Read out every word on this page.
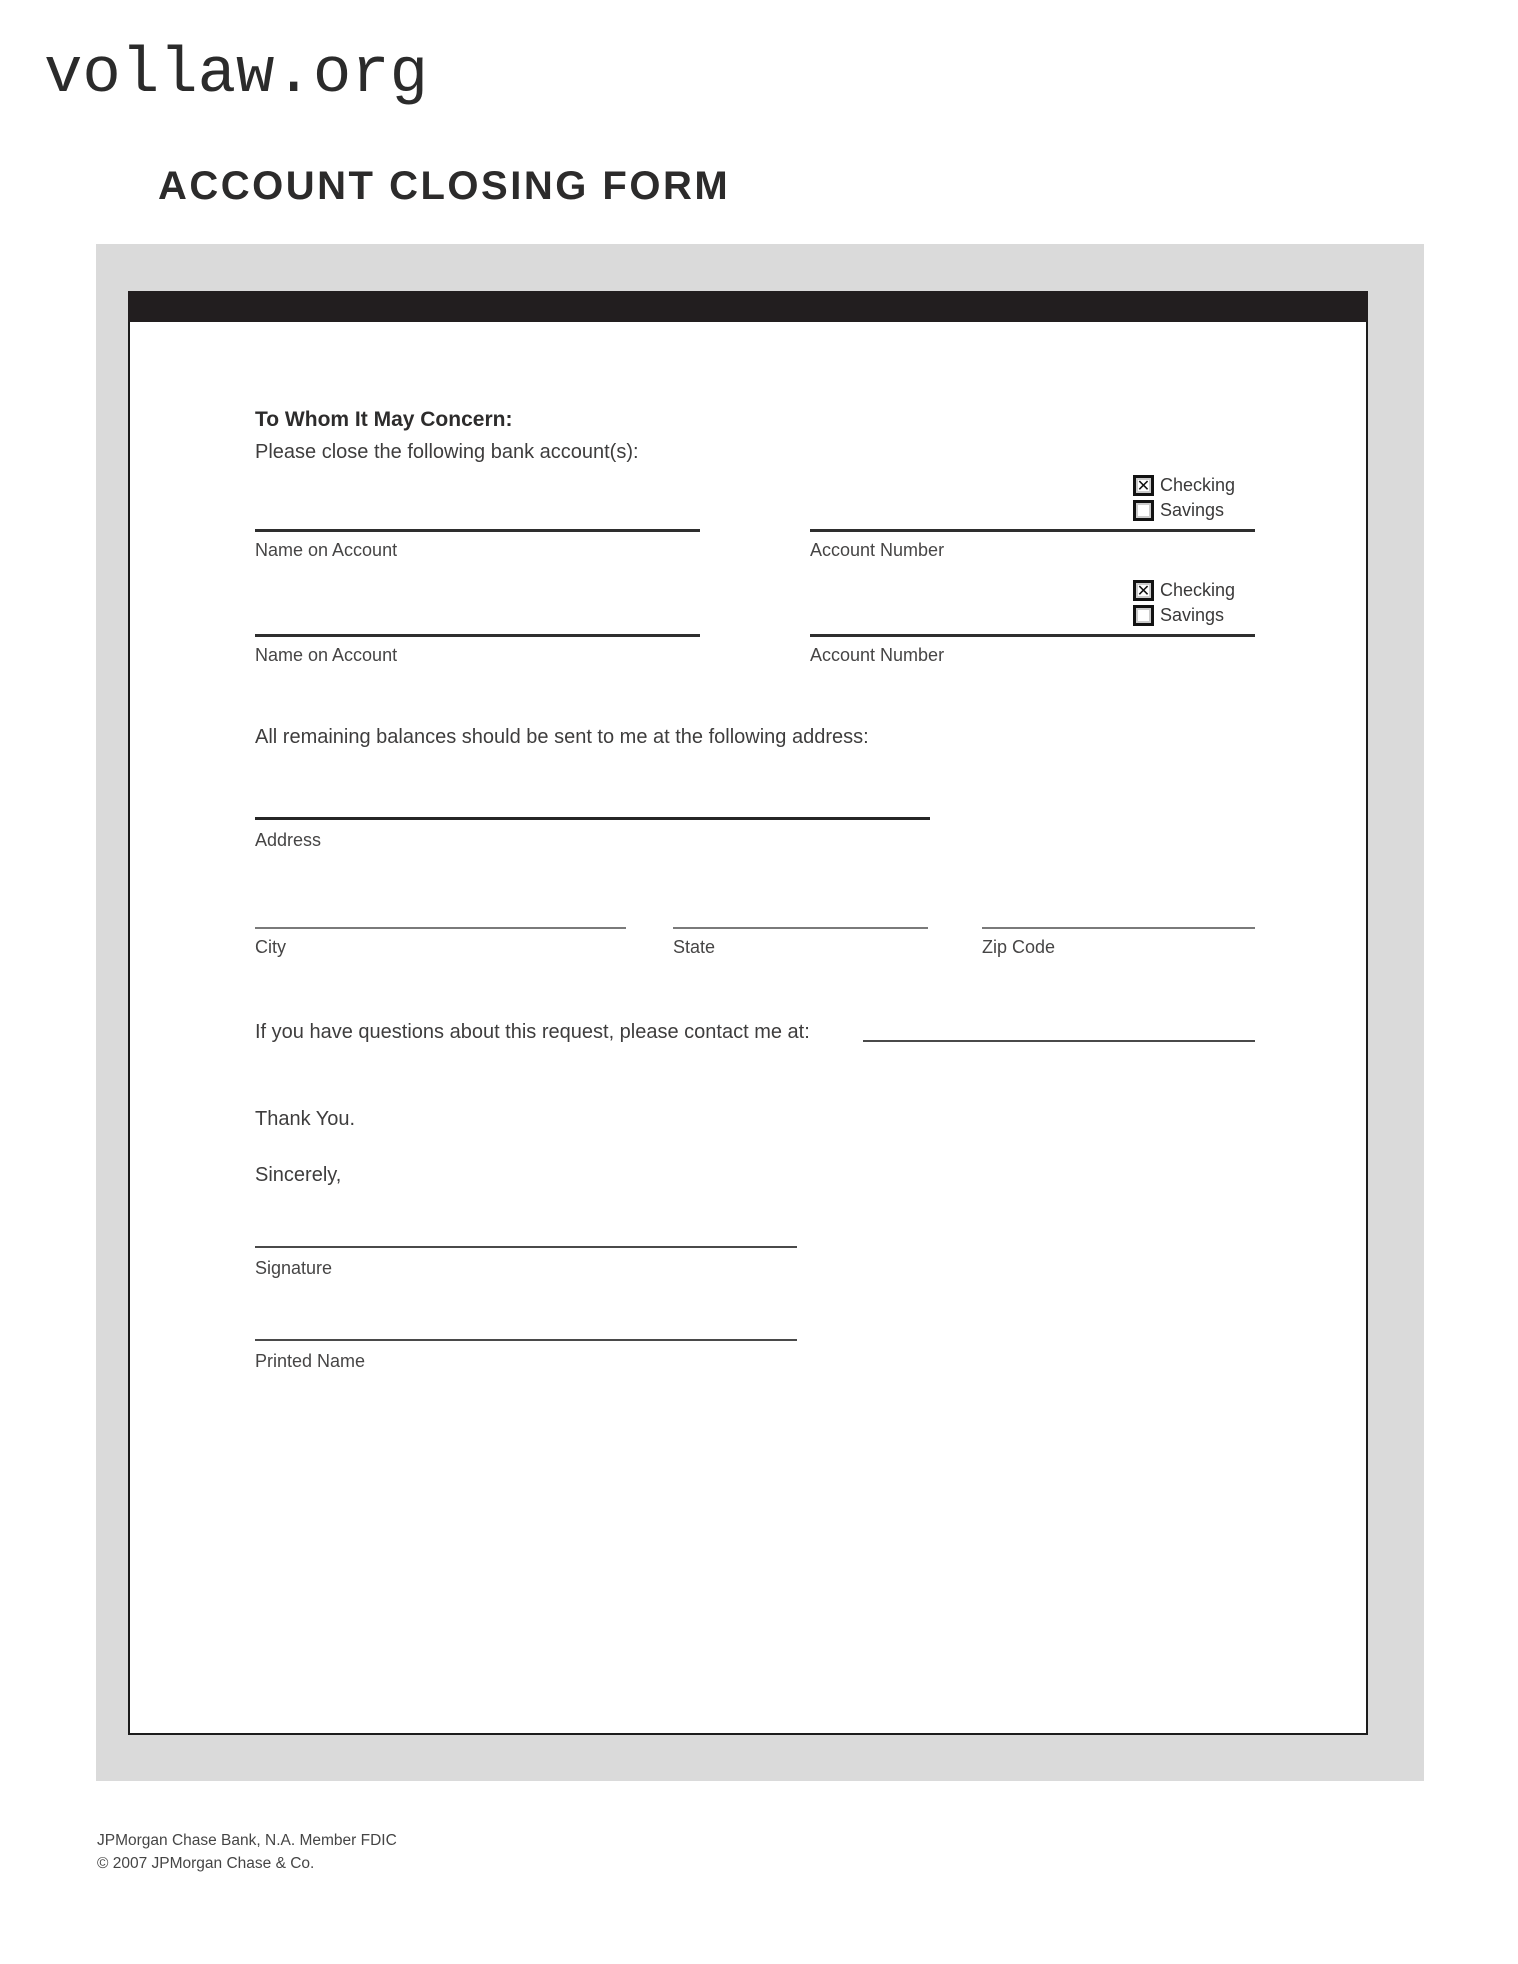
vollaw.org
ACCOUNT CLOSING FORM
To Whom It May Concern:
Please close the following bank account(s):
✕ Checking
Savings
Name on Account	Account Number
✕ Checking
Savings
Name on Account	Account Number
All remaining balances should be sent to me at the following address:
Address
City	State	Zip Code
If you have questions about this request, please contact me at:
Thank You.
Sincerely,
Signature
Printed Name
JPMorgan Chase Bank, N.A. Member FDIC
© 2007 JPMorgan Chase & Co.
